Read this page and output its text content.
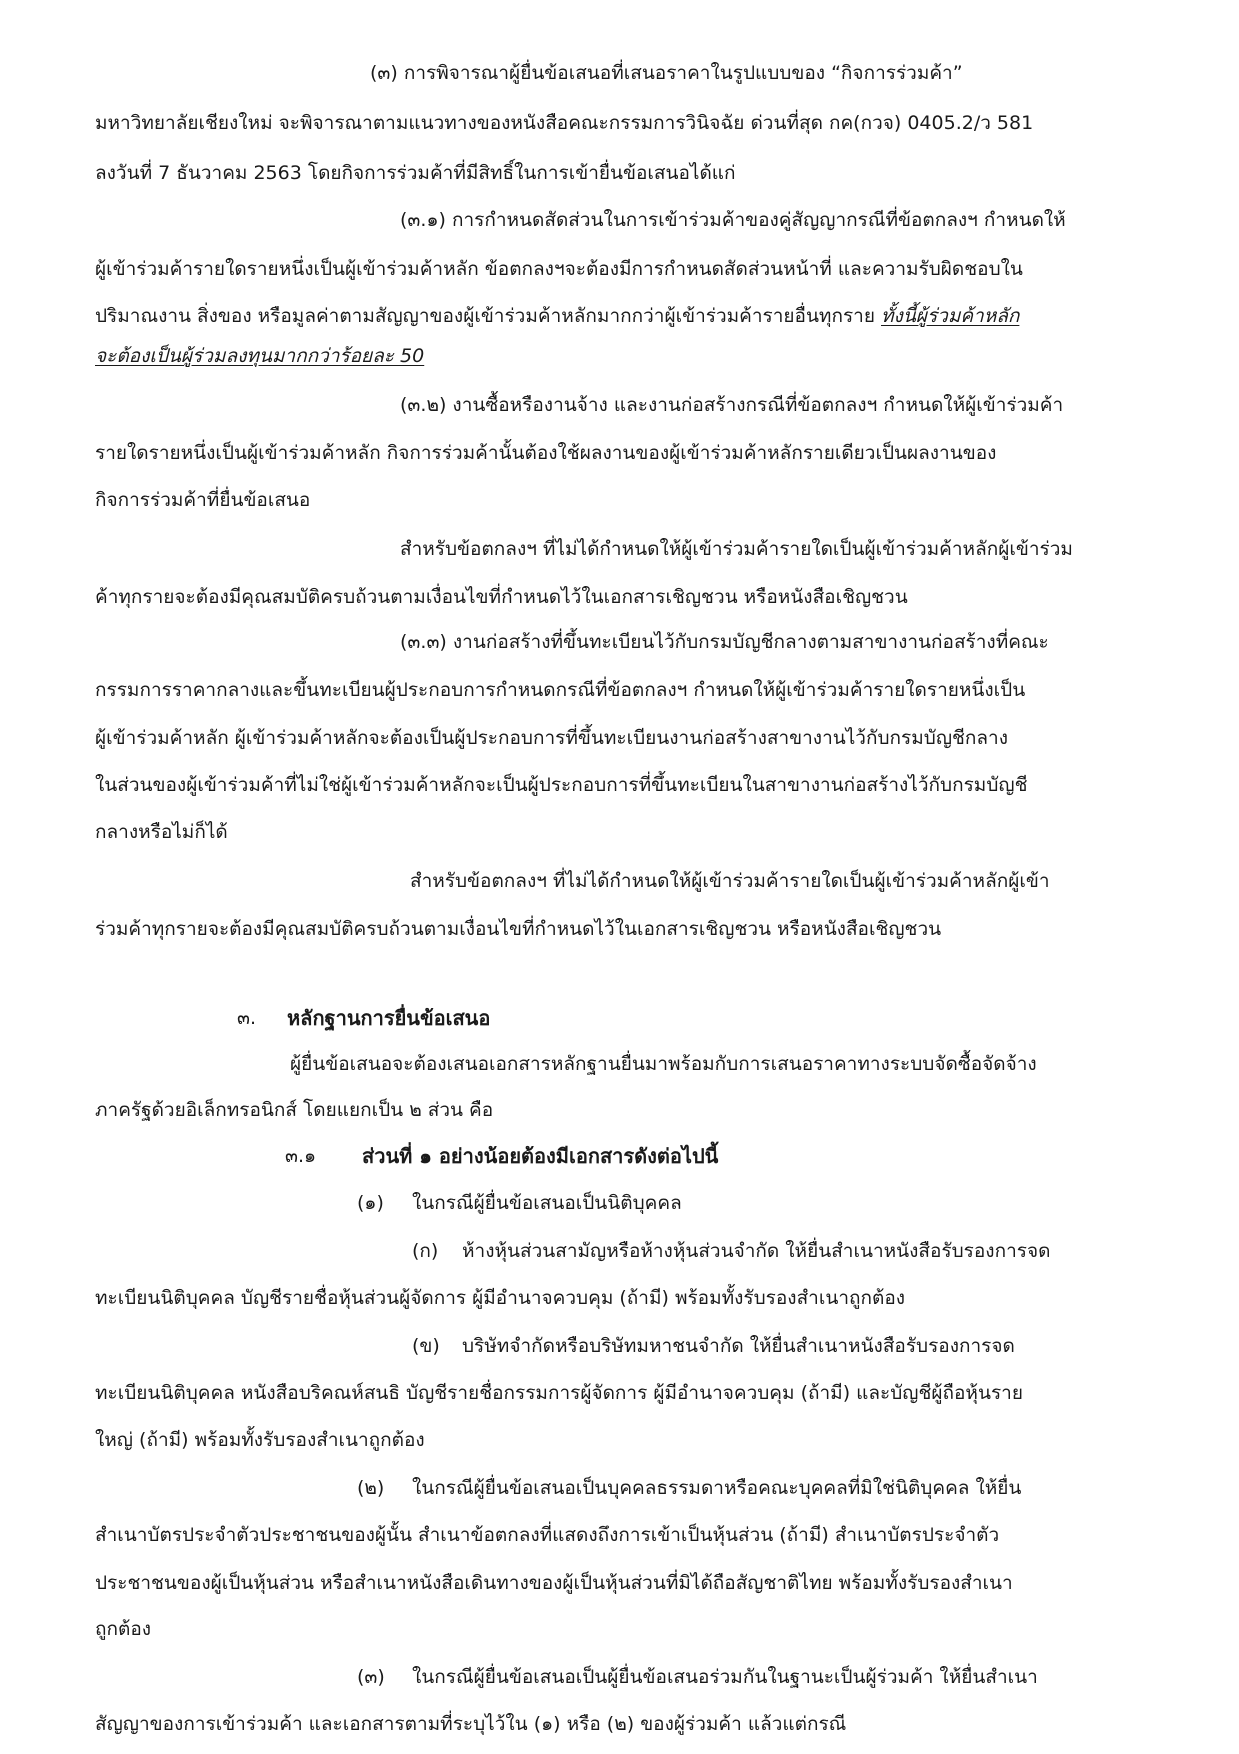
(๓) การพิจารณาผู้ยื่นข้อเสนอที่เสนอราคาในรูปแบบของ “กิจการร่วมค้า”

มหาวิทยาลัยเชียงใหม่ จะพิจารณาตามแนวทางของหนังสือคณะกรรมการวินิจฉัย ด่วนที่สุด กค(กวจ) 0405.2/ว 581

ลงวันที่ 7 ธันวาคม 2563 โดยกิจการร่วมค้าที่มีสิทธิ์ในการเข้ายื่นข้อเสนอได้แก่

(๓.๑) การกำหนดสัดส่วนในการเข้าร่วมค้าของคู่สัญญากรณีที่ข้อตกลงฯ กำหนดให้

ผู้เข้าร่วมค้ารายใดรายหนึ่งเป็นผู้เข้าร่วมค้าหลัก ข้อตกลงฯจะต้องมีการกำหนดสัดส่วนหน้าที่ และความรับผิดชอบใน

ปริมาณงาน สิ่งของ หรือมูลค่าตามสัญญาของผู้เข้าร่วมค้าหลักมากกว่าผู้เข้าร่วมค้ารายอื่นทุกราย ทั้งนี้ผู้ร่วมค้าหลัก

จะต้องเป็นผู้ร่วมลงทุนมากกว่าร้อยละ 50

(๓.๒) งานซื้อหรืองานจ้าง และงานก่อสร้างกรณีที่ข้อตกลงฯ กำหนดให้ผู้เข้าร่วมค้า

รายใดรายหนึ่งเป็นผู้เข้าร่วมค้าหลัก กิจการร่วมค้านั้นต้องใช้ผลงานของผู้เข้าร่วมค้าหลักรายเดียวเป็นผลงานของ

กิจการร่วมค้าที่ยื่นข้อเสนอ

สำหรับข้อตกลงฯ ที่ไม่ได้กำหนดให้ผู้เข้าร่วมค้ารายใดเป็นผู้เข้าร่วมค้าหลักผู้เข้าร่วม

ค้าทุกรายจะต้องมีคุณสมบัติครบถ้วนตามเงื่อนไขที่กำหนดไว้ในเอกสารเชิญชวน หรือหนังสือเชิญชวน

(๓.๓) งานก่อสร้างที่ขึ้นทะเบียนไว้กับกรมบัญชีกลางตามสาขางานก่อสร้างที่คณะ

กรรมการราคากลางและขึ้นทะเบียนผู้ประกอบการกำหนดกรณีที่ข้อตกลงฯ กำหนดให้ผู้เข้าร่วมค้ารายใดรายหนึ่งเป็น

ผู้เข้าร่วมค้าหลัก ผู้เข้าร่วมค้าหลักจะต้องเป็นผู้ประกอบการที่ขึ้นทะเบียนงานก่อสร้างสาขางานไว้กับกรมบัญชีกลาง

ในส่วนของผู้เข้าร่วมค้าที่ไม่ใช่ผู้เข้าร่วมค้าหลักจะเป็นผู้ประกอบการที่ขึ้นทะเบียนในสาขางานก่อสร้างไว้กับกรมบัญชี

กลางหรือไม่ก็ได้

สำหรับข้อตกลงฯ ที่ไม่ได้กำหนดให้ผู้เข้าร่วมค้ารายใดเป็นผู้เข้าร่วมค้าหลักผู้เข้า

ร่วมค้าทุกรายจะต้องมีคุณสมบัติครบถ้วนตามเงื่อนไขที่กำหนดไว้ในเอกสารเชิญชวน หรือหนังสือเชิญชวน

๓. หลักฐานการยื่นข้อเสนอ

ผู้ยื่นข้อเสนอจะต้องเสนอเอกสารหลักฐานยื่นมาพร้อมกับการเสนอราคาทางระบบจัดซื้อจัดจ้าง

ภาครัฐด้วยอิเล็กทรอนิกส์ โดยแยกเป็น ๒ ส่วน คือ

๓.๑ ส่วนที่ ๑ อย่างน้อยต้องมีเอกสารดังต่อไปนี้

(๑) ในกรณีผู้ยื่นข้อเสนอเป็นนิติบุคคล

(ก) ห้างหุ้นส่วนสามัญหรือห้างหุ้นส่วนจำกัด ให้ยื่นสำเนาหนังสือรับรองการจด

ทะเบียนนิติบุคคล บัญชีรายชื่อหุ้นส่วนผู้จัดการ ผู้มีอำนาจควบคุม (ถ้ามี) พร้อมทั้งรับรองสำเนาถูกต้อง

(ข) บริษัทจำกัดหรือบริษัทมหาชนจำกัด ให้ยื่นสำเนาหนังสือรับรองการจด

ทะเบียนนิติบุคคล หนังสือบริคณห์สนธิ บัญชีรายชื่อกรรมการผู้จัดการ ผู้มีอำนาจควบคุม (ถ้ามี) และบัญชีผู้ถือหุ้นราย

ใหญ่ (ถ้ามี) พร้อมทั้งรับรองสำเนาถูกต้อง

(๒) ในกรณีผู้ยื่นข้อเสนอเป็นบุคคลธรรมดาหรือคณะบุคคลที่มิใช่นิติบุคคล ให้ยื่น

สำเนาบัตรประจำตัวประชาชนของผู้นั้น สำเนาข้อตกลงที่แสดงถึงการเข้าเป็นหุ้นส่วน (ถ้ามี) สำเนาบัตรประจำตัว

ประชาชนของผู้เป็นหุ้นส่วน หรือสำเนาหนังสือเดินทางของผู้เป็นหุ้นส่วนที่มิได้ถือสัญชาติไทย พร้อมทั้งรับรองสำเนา

ถูกต้อง

(๓) ในกรณีผู้ยื่นข้อเสนอเป็นผู้ยื่นข้อเสนอร่วมกันในฐานะเป็นผู้ร่วมค้า ให้ยื่นสำเนา

สัญญาของการเข้าร่วมค้า และเอกสารตามที่ระบุไว้ใน (๑) หรือ (๒) ของผู้ร่วมค้า แล้วแต่กรณี
